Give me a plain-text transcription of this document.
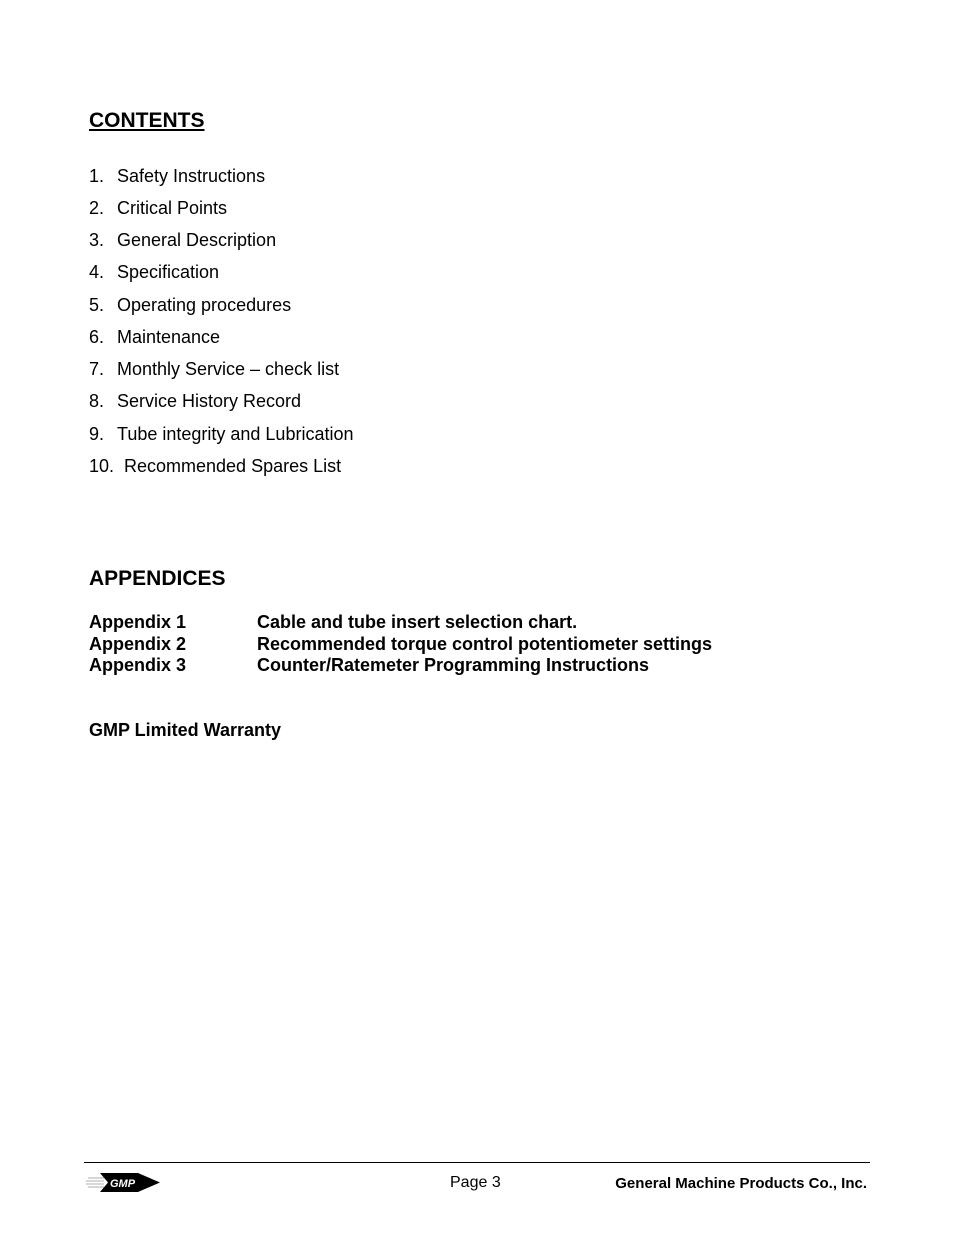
CONTENTS
1. Safety Instructions
2. Critical Points
3. General Description
4. Specification
5. Operating procedures
6. Maintenance
7. Monthly Service – check list
8. Service History Record
9. Tube integrity and Lubrication
10. Recommended Spares List
APPENDICES
Appendix 1	Cable and tube insert selection chart.
Appendix 2	Recommended torque control potentiometer settings
Appendix 3	Counter/Ratemeter Programming Instructions
GMP Limited Warranty
GMP	Page 3	General Machine Products Co., Inc.
